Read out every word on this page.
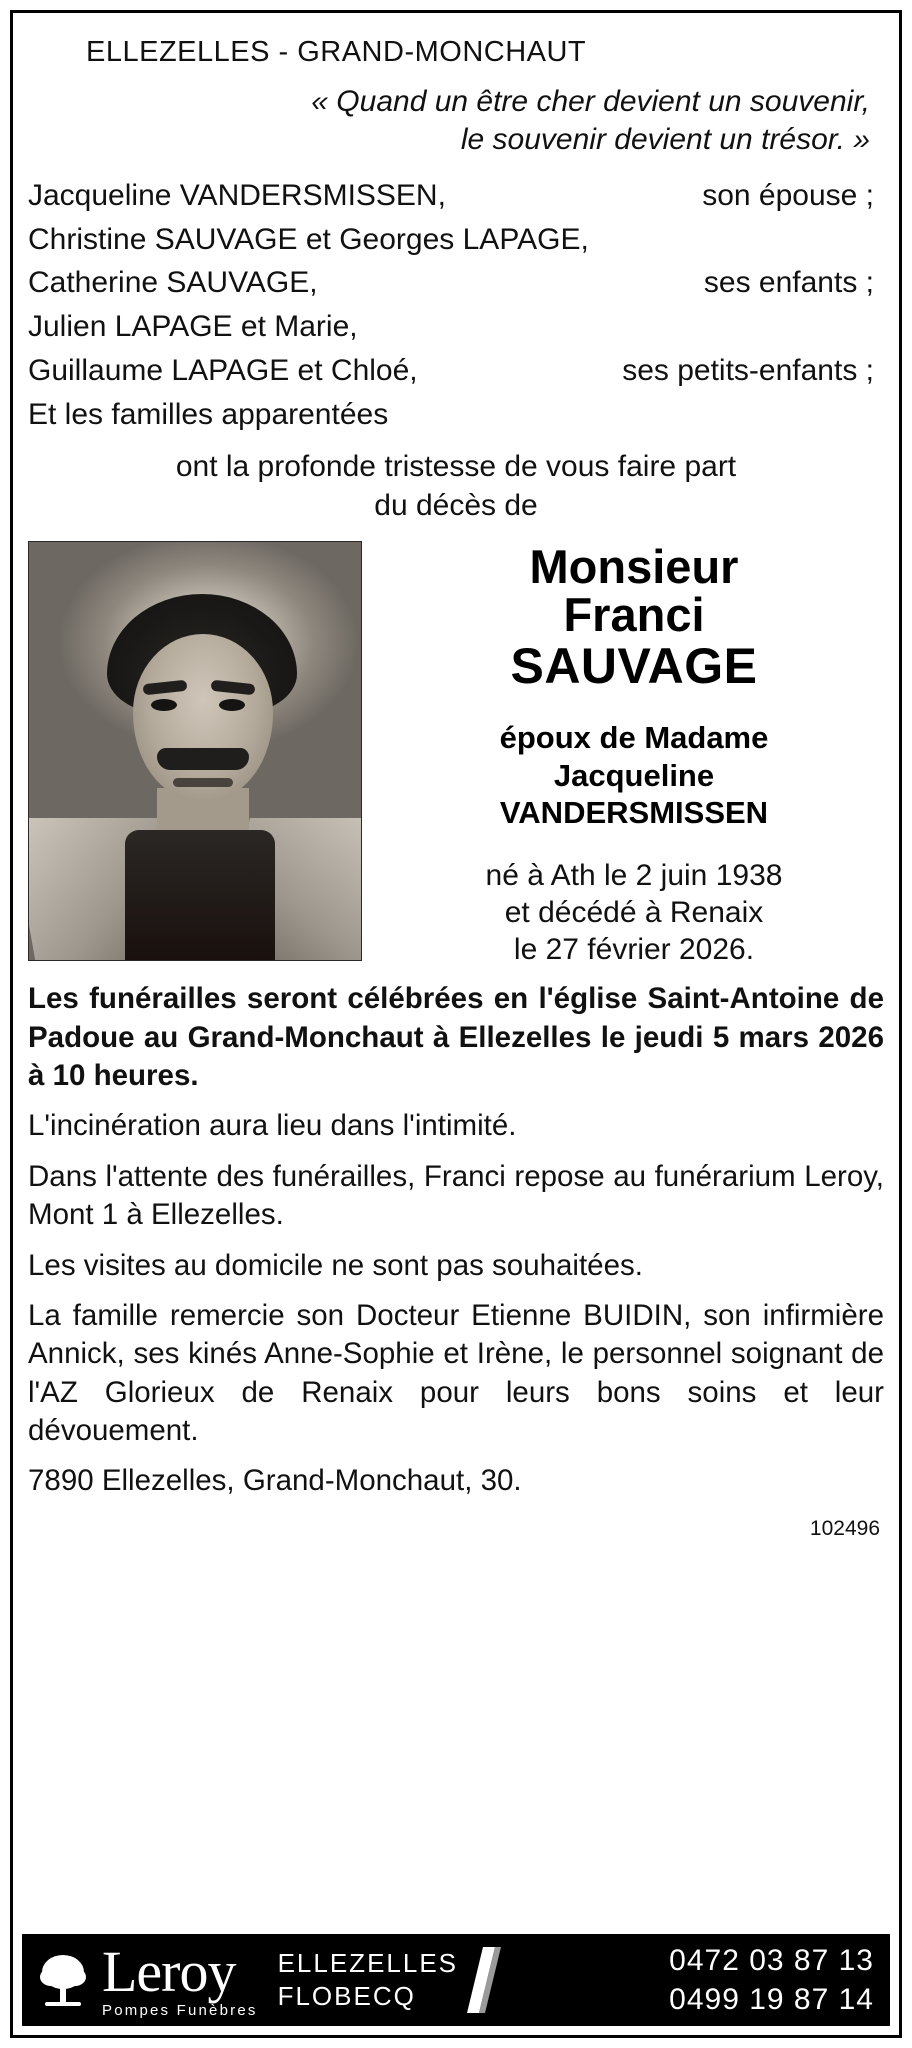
ELLEZELLES - GRAND-MONCHAUT
« Quand un être cher devient un souvenir,
le souvenir devient un trésor. »
Jacqueline VANDERSMISSEN,	son épouse ;
Christine SAUVAGE et Georges LAPAGE,
Catherine SAUVAGE,	ses enfants ;
Julien LAPAGE et Marie,
Guillaume LAPAGE et Chloé,	ses petits-enfants ;
Et les familles apparentées
ont la profonde tristesse de vous faire part
du décès de
Monsieur
Franci
SAUVAGE
époux de Madame
Jacqueline
VANDERSMISSEN
né à Ath le 2 juin 1938
et décédé à Renaix
le 27 février 2026.
Les funérailles seront célébrées en l'église Saint-Antoine de Padoue au Grand-Monchaut à Ellezelles le jeudi 5 mars 2026 à 10 heures.
L'incinération aura lieu dans l'intimité.
Dans l'attente des funérailles, Franci repose au funérarium Leroy, Mont 1 à Ellezelles.
Les visites au domicile ne sont pas souhaitées.
La famille remercie son Docteur Etienne BUIDIN, son infirmière Annick, ses kinés Anne-Sophie et Irène, le personnel soignant de l'AZ Glorieux de Renaix pour leurs bons soins et leur dévouement.
7890 Ellezelles, Grand-Monchaut, 30.
102496
Leroy
Pompes Funèbres
ELLEZELLES
FLOBECQ
0472 03 87 13
0499 19 87 14
